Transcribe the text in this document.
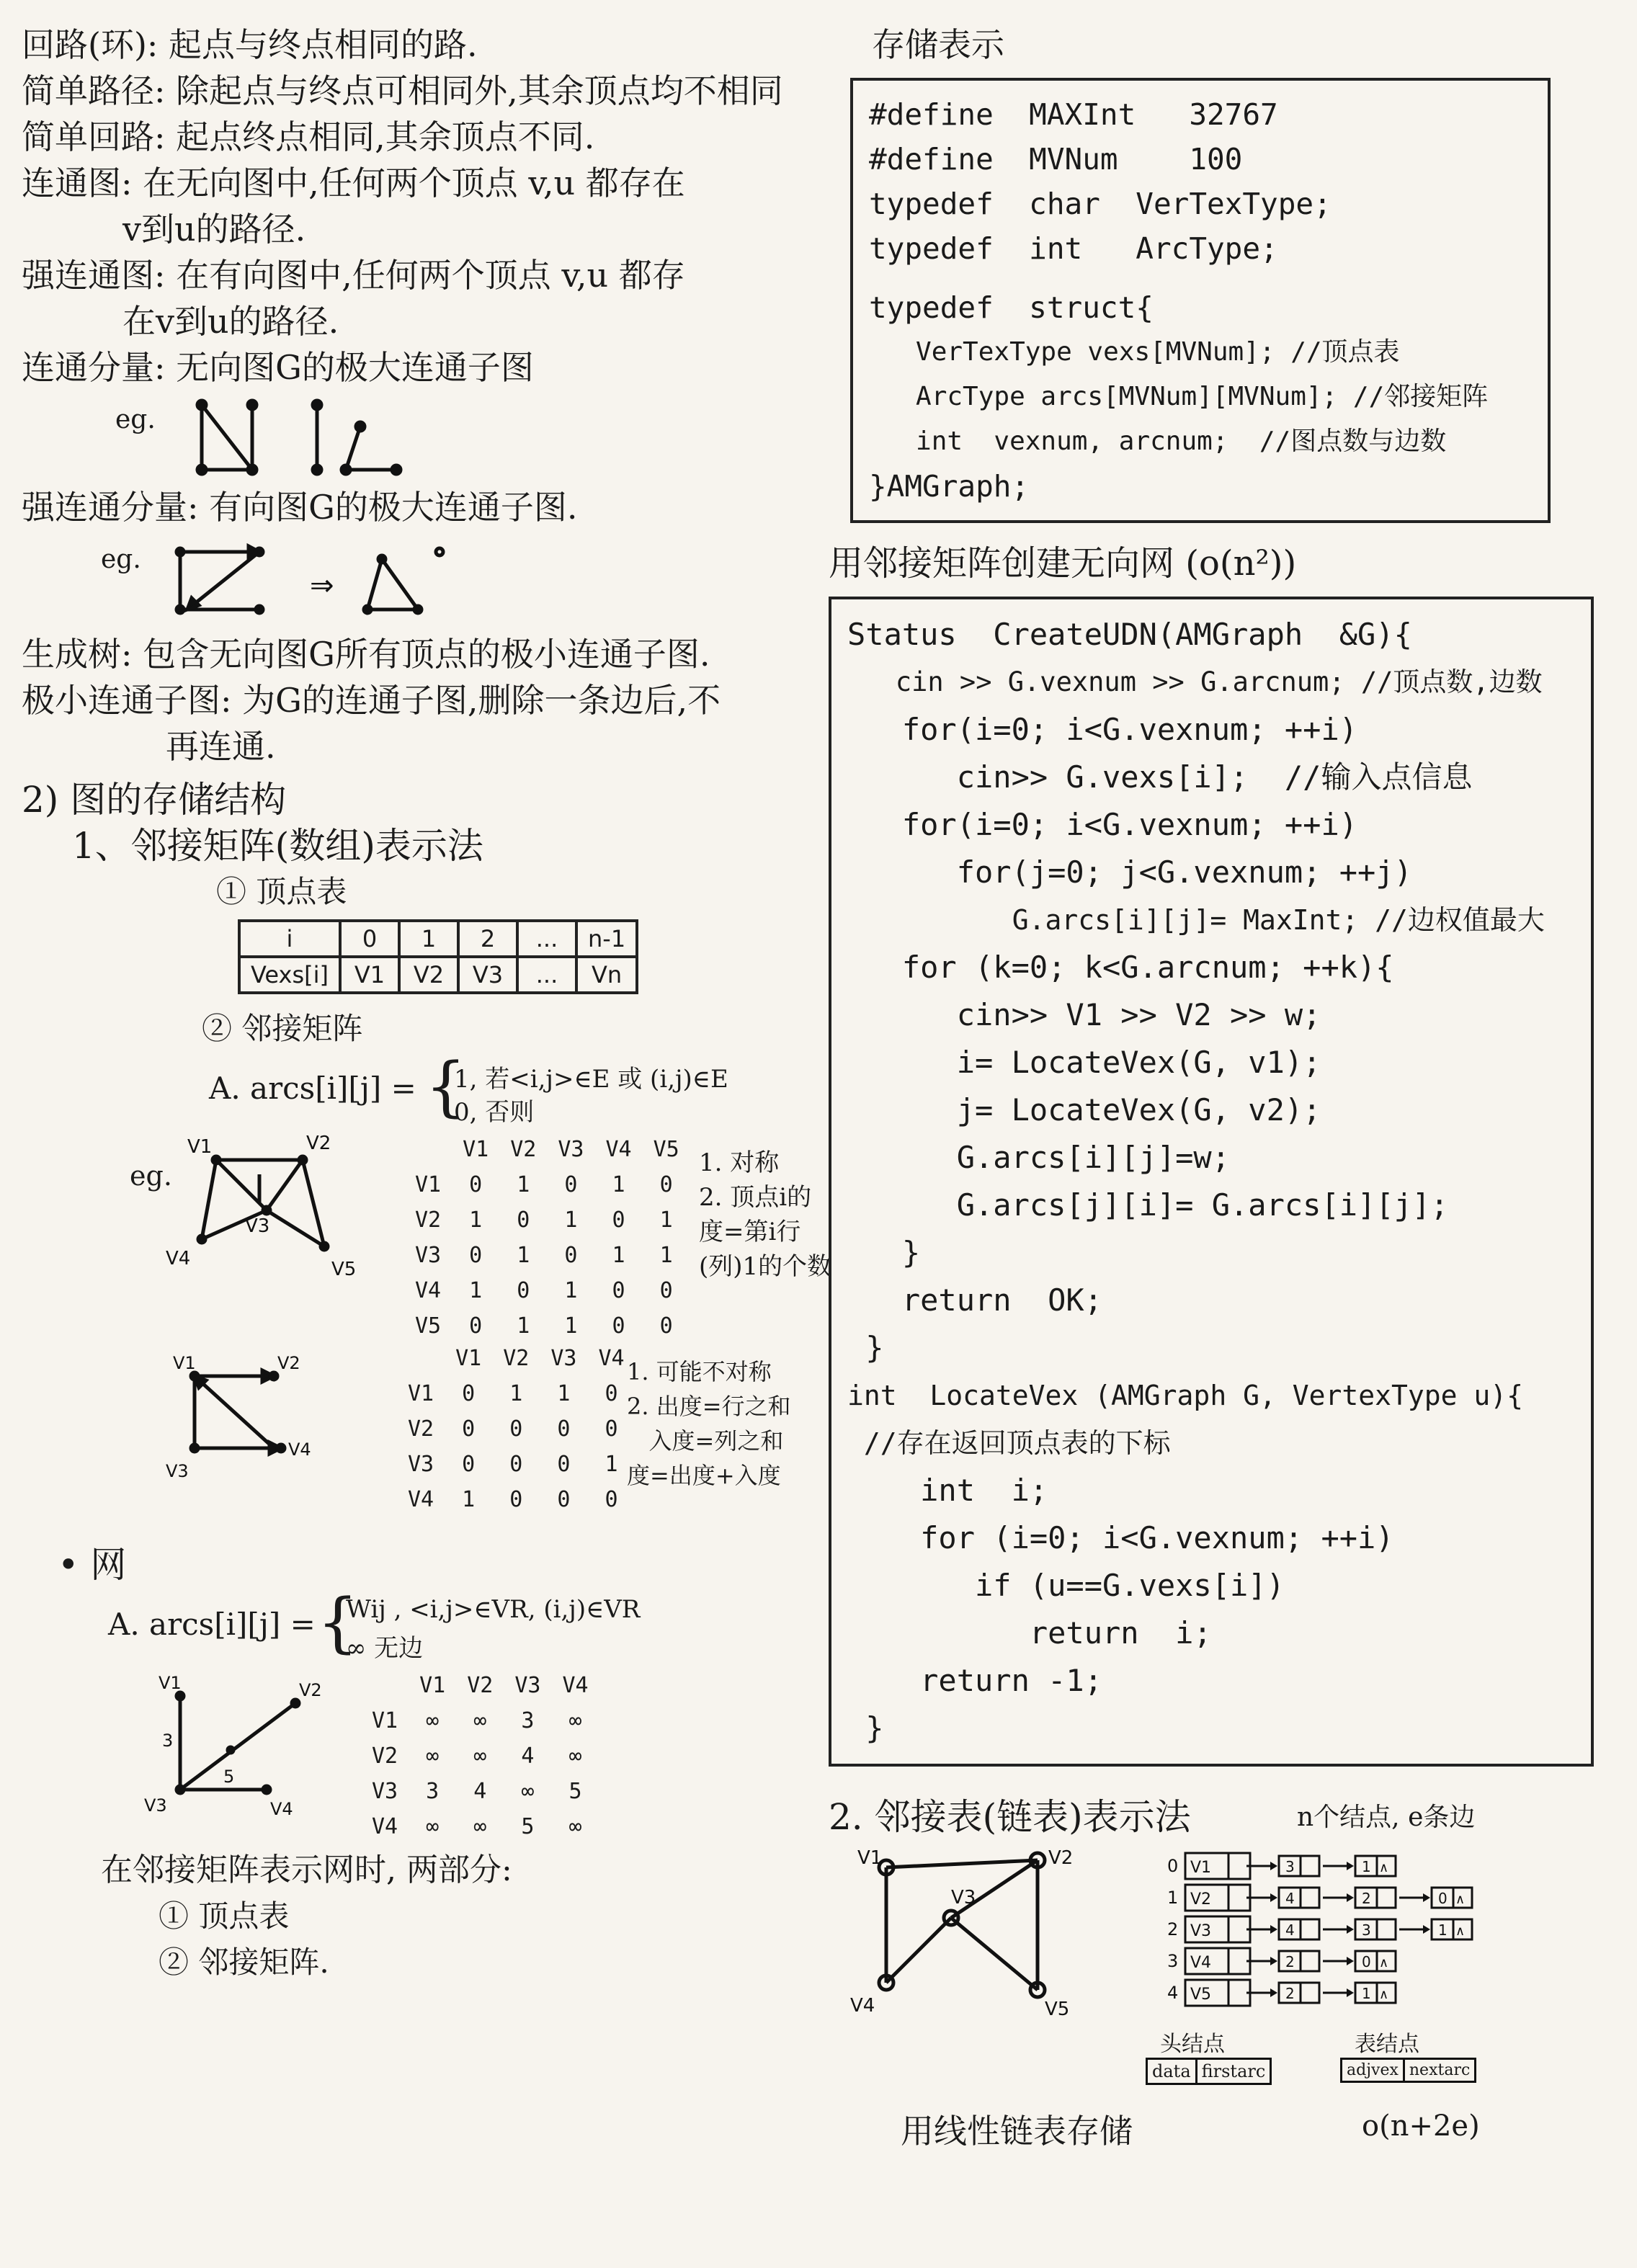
回路(环): 起点与终点相同的路.
简单路径: 除起点与终点可相同外,其余顶点均不相同
简单回路: 起点终点相同,其余顶点不同.
连通图: 在无向图中,任何两个顶点 v,u 都存在
v到u的路径.
强连通图: 在有向图中,任何两个顶点 v,u 都存
在v到u的路径.
连通分量: 无向图G的极大连通子图
eg.
强连通分量: 有向图G的极大连通子图.
eg.
⇒
生成树: 包含无向图G所有顶点的极小连通子图.
极小连通子图: 为G的连通子图,删除一条边后,不
再连通.
2) 图的存储结构
1、邻接矩阵(数组)表示法
① 顶点表
i	0	1	2	...	n-1
Vexs[i]	V1	V2	V3	...	Vn
② 邻接矩阵
A. arcs[i][j] = {
1, 若<i,j>∈E 或 (i,j)∈E
0, 否则
eg.
V1	V2
V3
V4	V5
	V1	V2	V3	V4	V5
V1	0	1	0	1	0
V2	1	0	1	0	1
V3	0	1	0	1	1
V4	1	0	1	0	0
V5	0	1	1	0	0
1. 对称
2. 顶点i的
度=第i行
(列)1的个数
V1	V2
V3
V4
	V1	V2	V3	V4
V1	0	1	1	0
V2	0	0	0	0
V3	0	0	0	1
V4	1	0	0	0
1. 可能不对称
2. 出度=行之和
入度=列之和
度=出度+入度
• 网
A. arcs[i][j] = {
Wij , <i,j>∈VR, (i,j)∈VR
∞ 无边
V1	V2
V3	V4
3
5
	V1	V2	V3	V4
V1	∞	∞	3	∞
V2	∞	∞	4	∞
V3	3	4	∞	5
V4	∞	∞	5	∞
在邻接矩阵表示网时, 两部分:
① 顶点表
② 邻接矩阵.
存储表示
#define  MAXInt   32767
#define  MVNum    100
typedef  char  VerTexType;
typedef  int   ArcType;
typedef  struct{
VerTexType vexs[MVNum]; //顶点表
ArcType arcs[MVNum][MVNum]; //邻接矩阵
int  vexnum, arcnum;  //图点数与边数
}AMGraph;
用邻接矩阵创建无向网 (o(n²))
Status  CreateUDN(AMGraph  &G){
cin >> G.vexnum >> G.arcnum; //顶点数,边数
for(i=0; i<G.vexnum; ++i)
cin>> G.vexs[i];  //输入点信息
for(i=0; i<G.vexnum; ++i)
for(j=0; j<G.vexnum; ++j)
G.arcs[i][j]= MaxInt; //边权值最大
for (k=0; k<G.arcnum; ++k){
cin>> V1 >> V2 >> w;
i= LocateVex(G, v1);
j= LocateVex(G, v2);
G.arcs[i][j]=w;
G.arcs[j][i]= G.arcs[i][j];
}
return  OK;
}
int  LocateVex (AMGraph G, VertexType u){
//存在返回顶点表的下标
int  i;
for (i=0; i<G.vexnum; ++i)
if (u==G.vexs[i])
return  i;
return -1;
}
2. 邻接表(链表)表示法	n个结点, e条边
V1	V2
V3
V4	V5
0 V1	3	1 ∧
1 V2	4	2	0 ∧
2 V3	4	3	1 ∧
3 V4	2	0 ∧
4 V5	2	1 ∧
头结点
data firstarc
表结点
adjvex nextarc
用线性链表存储	o(n+2e)
